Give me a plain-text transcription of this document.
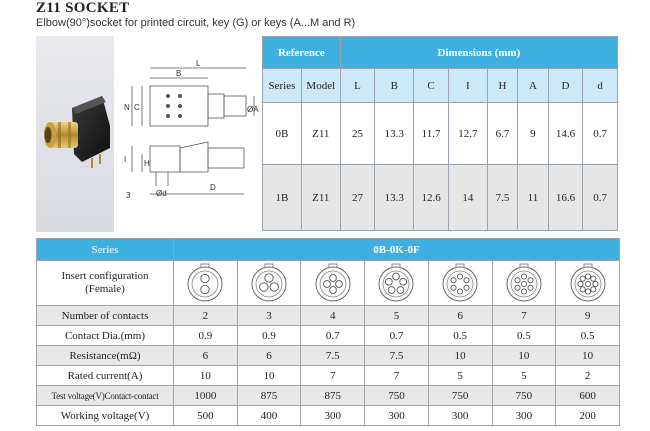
Z11 SOCKET
Elbow(90°)socket for printed circuit, key (G) or keys (A...M and R)
L
B
C
N	ØA
H
I
D
Ød
3
Reference		Dimensions (mm)							
Series	Model	L	B	C	I	H	A	D	d
0B	Z11	25	13.3	11.7	12.7	6.7	9	14.6	0.7
1B	Z11	27	13.3	12.6	14	7.5	11	16.6	0.7
Series	0B-0K-0F						
Insert configuration
(Female)	

Number of contacts	2	3	4	5	6	7	9
Contact Dia.(mm)	0.9	0.9	0.7	0.7	0.5	0.5	0.5
Resistance(mΩ)	6	6	7.5	7.5	10	10	10
Rated current(A)	10	10	7	7	5	5	2
Test voltage(V)Contact-contact	1000	875	875	750	750	750	600
Working voltage(V)	500	400	300	300	300	300	200
